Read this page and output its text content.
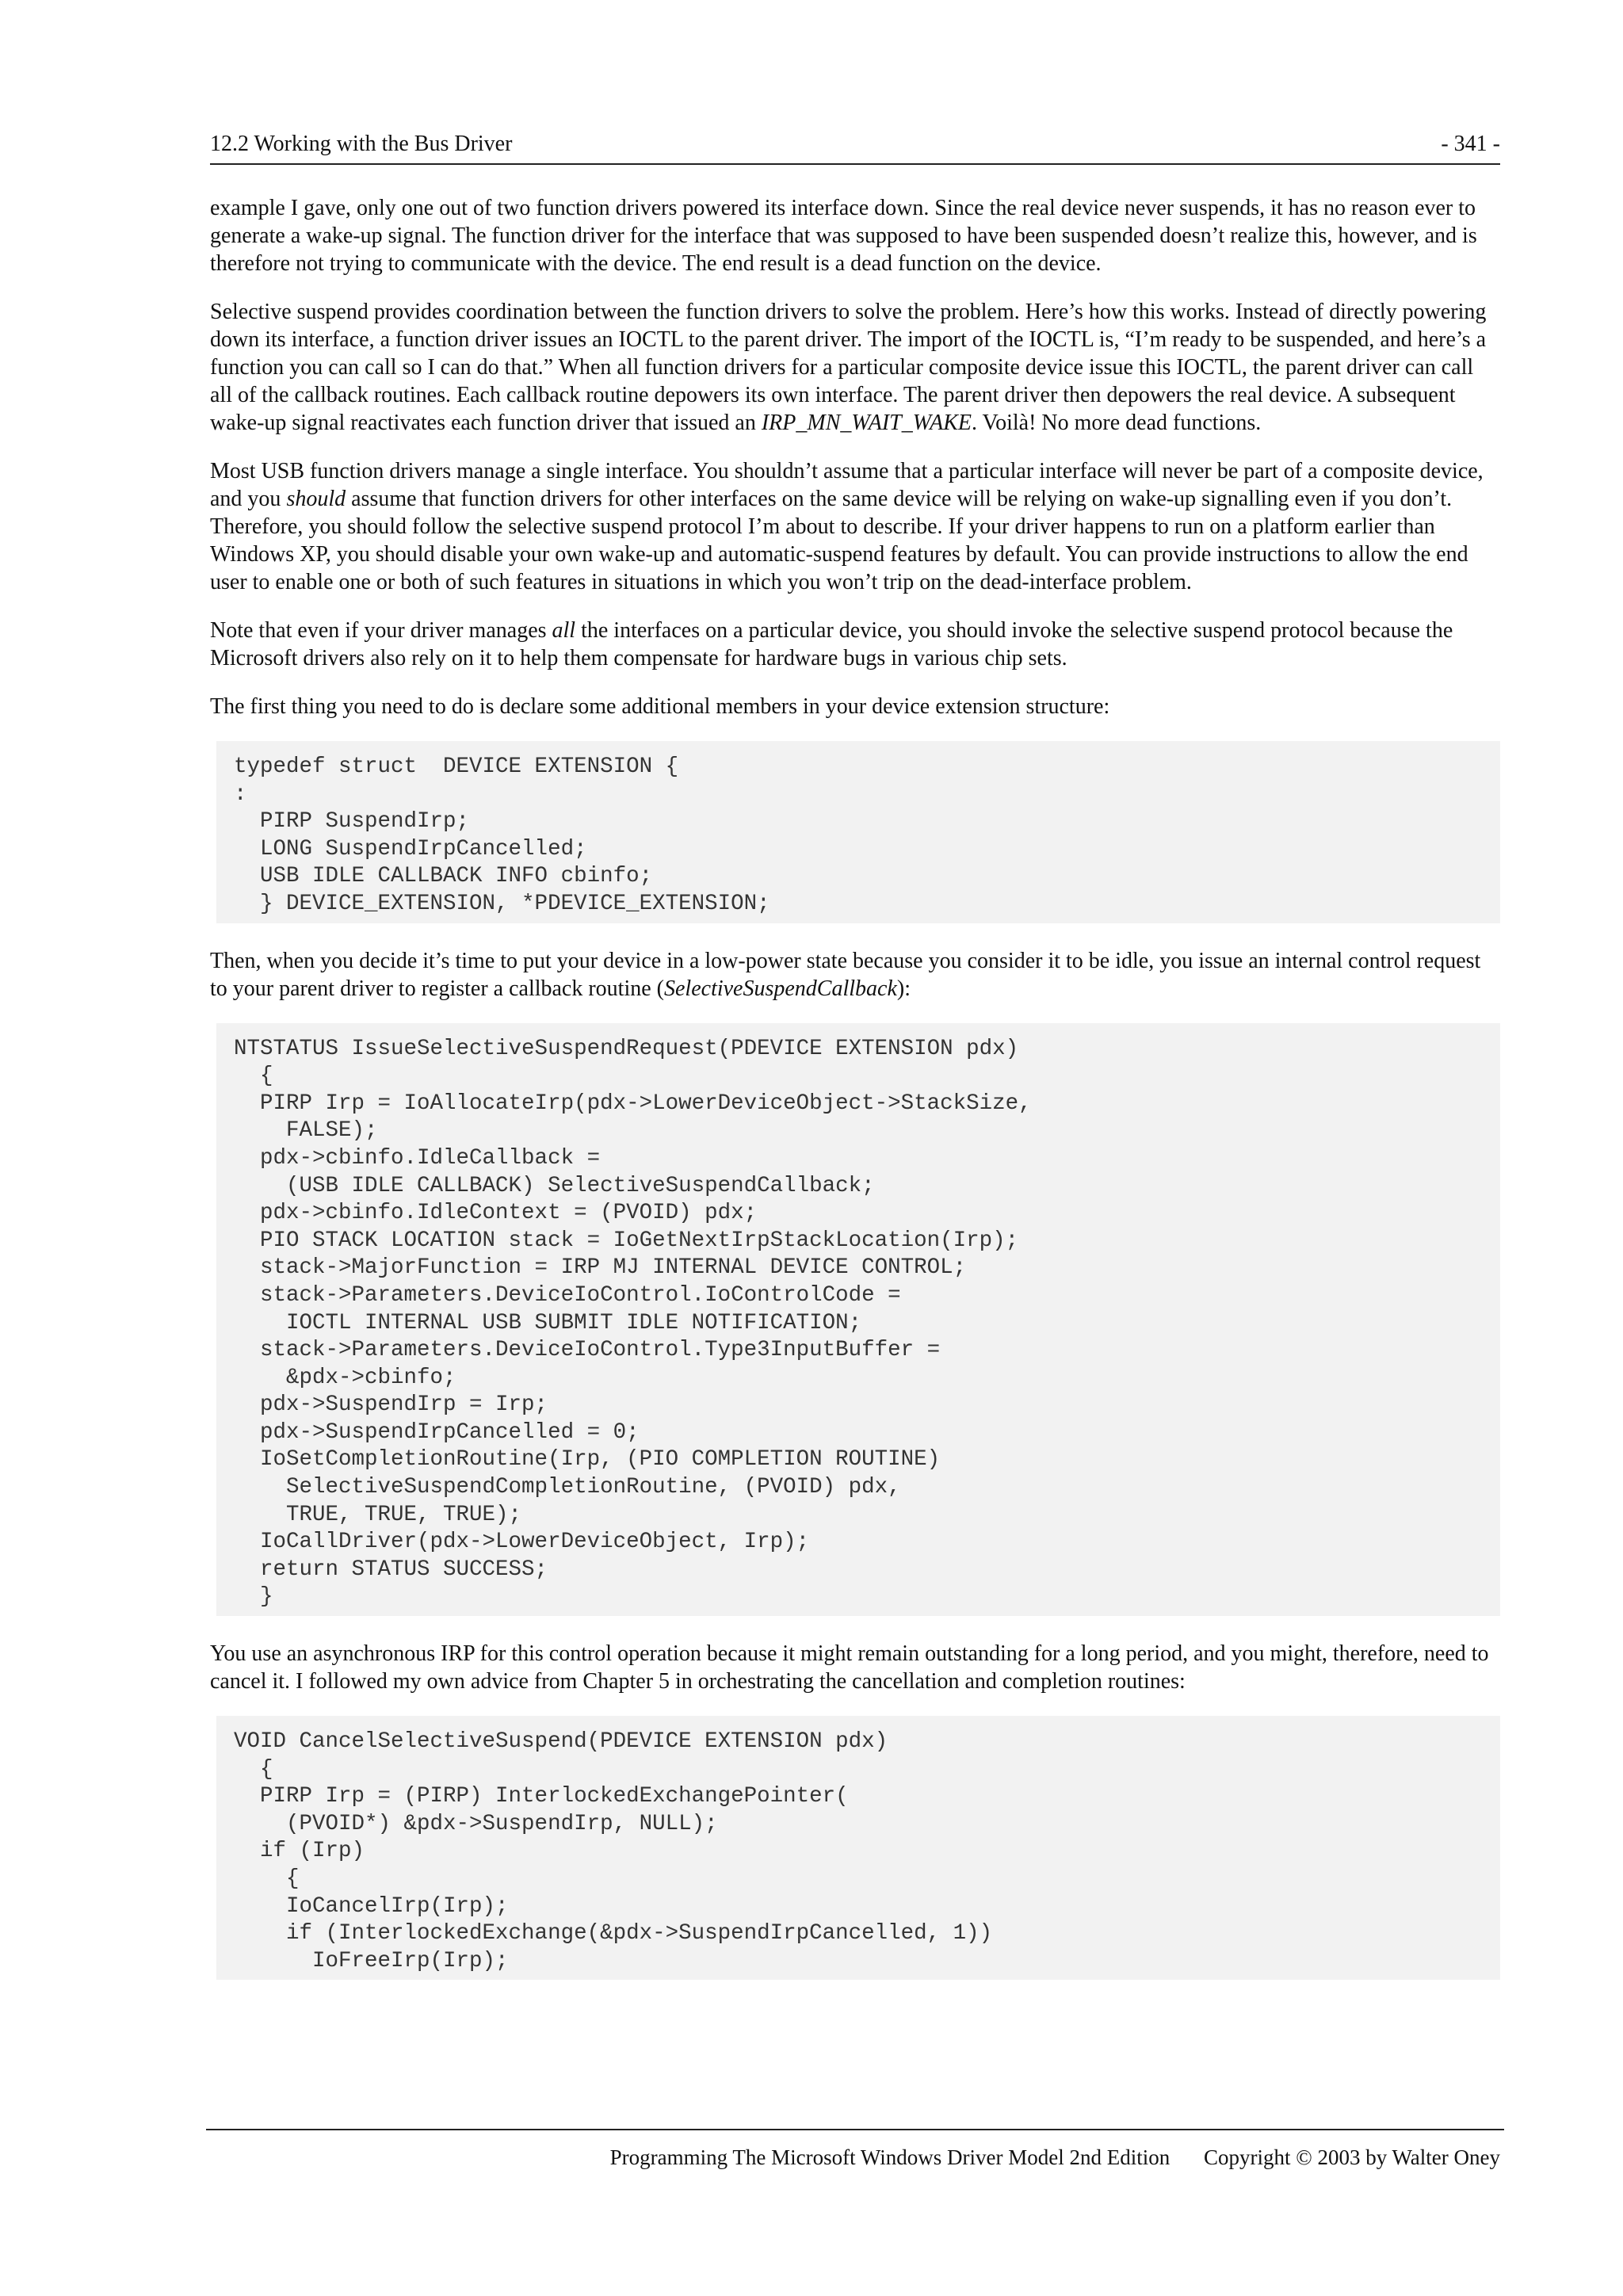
12.2 Working with the Bus Driver	- 341 -

example I gave, only one out of two function drivers powered its interface down. Since the real device never suspends, it has no reason ever to generate a wake-up signal. The function driver for the interface that was supposed to have been suspended doesn’t realize this, however, and is therefore not trying to communicate with the device. The end result is a dead function on the device.

Selective suspend provides coordination between the function drivers to solve the problem. Here’s how this works. Instead of directly powering down its interface, a function driver issues an IOCTL to the parent driver. The import of the IOCTL is, “I’m ready to be suspended, and here’s a function you can call so I can do that.” When all function drivers for a particular composite device issue this IOCTL, the parent driver can call all of the callback routines. Each callback routine depowers its own interface. The parent driver then depowers the real device. A subsequent wake-up signal reactivates each function driver that issued an IRP_MN_WAIT_WAKE. Voilà! No more dead functions.

Most USB function drivers manage a single interface. You shouldn’t assume that a particular interface will never be part of a composite device, and you should assume that function drivers for other interfaces on the same device will be relying on wake-up signalling even if you don’t. Therefore, you should follow the selective suspend protocol I’m about to describe. If your driver happens to run on a platform earlier than Windows XP, you should disable your own wake-up and automatic-suspend features by default. You can provide instructions to allow the end user to enable one or both of such features in situations in which you won’t trip on the dead-interface problem.

Note that even if your driver manages all the interfaces on a particular device, you should invoke the selective suspend protocol because the Microsoft drivers also rely on it to help them compensate for hardware bugs in various chip sets.

The first thing you need to do is declare some additional members in your device extension structure:

typedef struct  DEVICE EXTENSION {
:
PIRP SuspendIrp;
LONG SuspendIrpCancelled;
USB IDLE CALLBACK INFO cbinfo;
} DEVICE_EXTENSION, *PDEVICE_EXTENSION;

Then, when you decide it’s time to put your device in a low-power state because you consider it to be idle, you issue an internal control request to your parent driver to register a callback routine (SelectiveSuspendCallback):

NTSTATUS IssueSelectiveSuspendRequest(PDEVICE EXTENSION pdx)
{
PIRP Irp = IoAllocateIrp(pdx->LowerDeviceObject->StackSize,
FALSE);
pdx->cbinfo.IdleCallback =
(USB IDLE CALLBACK) SelectiveSuspendCallback;
pdx->cbinfo.IdleContext = (PVOID) pdx;
PIO STACK LOCATION stack = IoGetNextIrpStackLocation(Irp);
stack->MajorFunction = IRP MJ INTERNAL DEVICE CONTROL;
stack->Parameters.DeviceIoControl.IoControlCode =
IOCTL INTERNAL USB SUBMIT IDLE NOTIFICATION;
stack->Parameters.DeviceIoControl.Type3InputBuffer =
&pdx->cbinfo;
pdx->SuspendIrp = Irp;
pdx->SuspendIrpCancelled = 0;
IoSetCompletionRoutine(Irp, (PIO COMPLETION ROUTINE)
SelectiveSuspendCompletionRoutine, (PVOID) pdx,
TRUE, TRUE, TRUE);
IoCallDriver(pdx->LowerDeviceObject, Irp);
return STATUS SUCCESS;
}

You use an asynchronous IRP for this control operation because it might remain outstanding for a long period, and you might, therefore, need to cancel it. I followed my own advice from Chapter 5 in orchestrating the cancellation and completion routines:

VOID CancelSelectiveSuspend(PDEVICE EXTENSION pdx)
{
PIRP Irp = (PIRP) InterlockedExchangePointer(
(PVOID*) &pdx->SuspendIrp, NULL);
if (Irp)
{
IoCancelIrp(Irp);
if (InterlockedExchange(&pdx->SuspendIrpCancelled, 1))
IoFreeIrp(Irp);
Programming The Microsoft Windows Driver Model 2nd Edition Copyright © 2003 by Walter Oney
